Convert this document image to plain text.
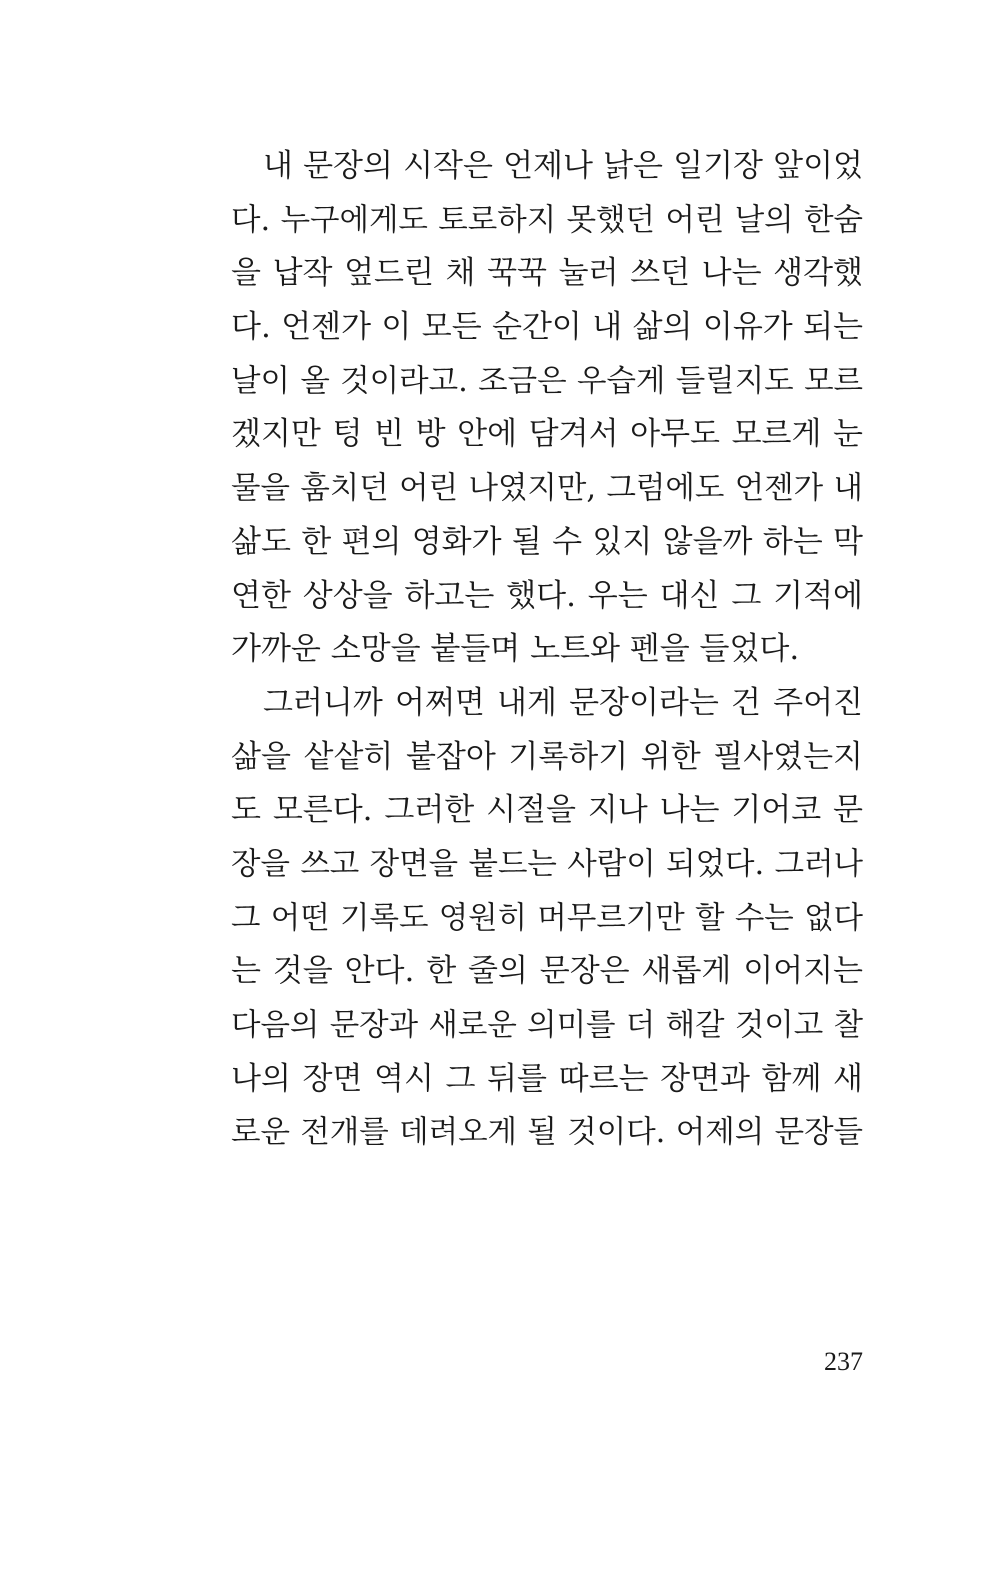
내 문장의 시작은 언제나 낡은 일기장 앞이었
다. 누구에게도 토로하지 못했던 어린 날의 한숨
을 납작 엎드린 채 꾹꾹 눌러 쓰던 나는 생각했
다. 언젠가 이 모든 순간이 내 삶의 이유가 되는
날이 올 것이라고. 조금은 우습게 들릴지도 모르
겠지만 텅 빈 방 안에 담겨서 아무도 모르게 눈
물을 훔치던 어린 나였지만, 그럼에도 언젠가 내
삶도 한 편의 영화가 될 수 있지 않을까 하는 막
연한 상상을 하고는 했다. 우는 대신 그 기적에
가까운 소망을 붙들며 노트와 펜을 들었다.
그러니까 어쩌면 내게 문장이라는 건 주어진
삶을 샅샅히 붙잡아 기록하기 위한 필사였는지
도 모른다. 그러한 시절을 지나 나는 기어코 문
장을 쓰고 장면을 붙드는 사람이 되었다. 그러나
그 어떤 기록도 영원히 머무르기만 할 수는 없다
는 것을 안다. 한 줄의 문장은 새롭게 이어지는
다음의 문장과 새로운 의미를 더 해갈 것이고 찰
나의 장면 역시 그 뒤를 따르는 장면과 함께 새
로운 전개를 데려오게 될 것이다. 어제의 문장들
237
